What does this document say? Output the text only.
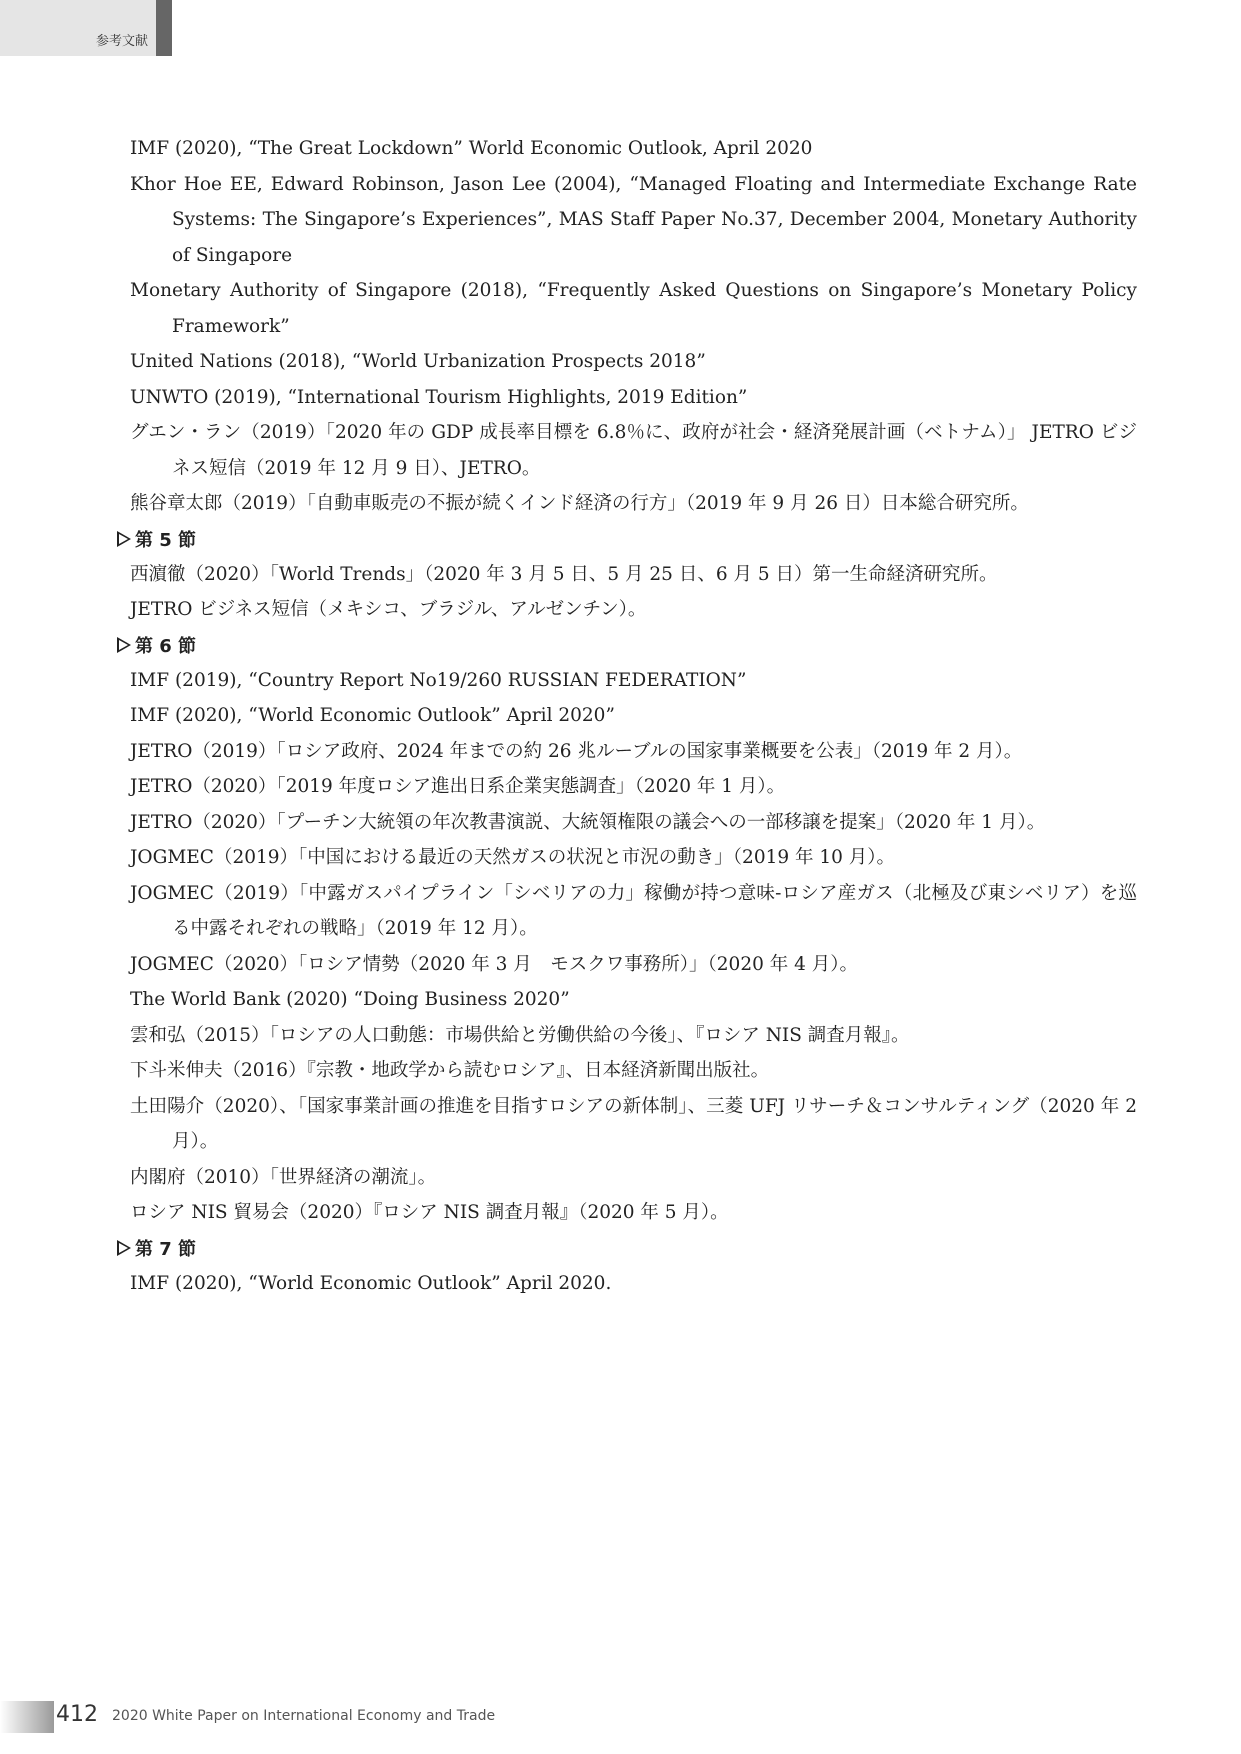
参考文献
IMF (2020), “The Great Lockdown” World Economic Outlook, April 2020
Khor Hoe EE, Edward Robinson, Jason Lee (2004), “Managed Floating and Intermediate Exchange Rate Systems: The Singapore’s Experiences”, MAS Staff Paper No.37, December 2004, Monetary Authority of Singapore
Monetary Authority of Singapore (2018), “Frequently Asked Questions on Singapore’s Monetary Policy Framework”
United Nations (2018), “World Urbanization Prospects 2018”
UNWTO (2019), “International Tourism Highlights, 2019 Edition”
グエン・ラン（2019）「2020 年の GDP 成長率目標を 6.8％に、政府が社会・経済発展計画（ベトナム）」 JETRO ビジネス短信（2019 年 12 月 9 日）、JETRO。
熊谷章太郎（2019）「自動車販売の不振が続くインド経済の行方」（2019 年 9 月 26 日）日本総合研究所。
第 5 節
西濵徹（2020）「World Trends」（2020 年 3 月 5 日、5 月 25 日、6 月 5 日）第一生命経済研究所。
JETRO ビジネス短信（メキシコ、ブラジル、アルゼンチン）。
第 6 節
IMF (2019), “Country Report No19/260 RUSSIAN FEDERATION”
IMF (2020), “World Economic Outlook” April 2020”
JETRO（2019）「ロシア政府、2024 年までの約 26 兆ルーブルの国家事業概要を公表」（2019 年 2 月）。
JETRO（2020）「2019 年度ロシア進出日系企業実態調査」（2020 年 1 月）。
JETRO（2020）「プーチン大統領の年次教書演説、大統領権限の議会への一部移譲を提案」（2020 年 1 月）。
JOGMEC（2019）「中国における最近の天然ガスの状況と市況の動き」（2019 年 10 月）。
JOGMEC（2019）「中露ガスパイプライン「シベリアの力」稼働が持つ意味-ロシア産ガス（北極及び東シベリア）を巡る中露それぞれの戦略」（2019 年 12 月）。
JOGMEC（2020）「ロシア情勢（2020 年 3 月　モスクワ事務所）」（2020 年 4 月）。
The World Bank (2020) “Doing Business 2020”
雲和弘（2015）「ロシアの人口動態：市場供給と労働供給の今後」、『ロシア NIS 調査月報』。
下斗米伸夫（2016）『宗教・地政学から読むロシア』、日本経済新聞出版社。
土田陽介（2020）、「国家事業計画の推進を目指すロシアの新体制」、三菱 UFJ リサーチ＆コンサルティング（2020 年 2 月）。
内閣府（2010）「世界経済の潮流」。
ロシア NIS 貿易会（2020）『ロシア NIS 調査月報』（2020 年 5 月）。
第 7 節
IMF (2020), “World Economic Outlook” April 2020.
412 2020 White Paper on International Economy and Trade
